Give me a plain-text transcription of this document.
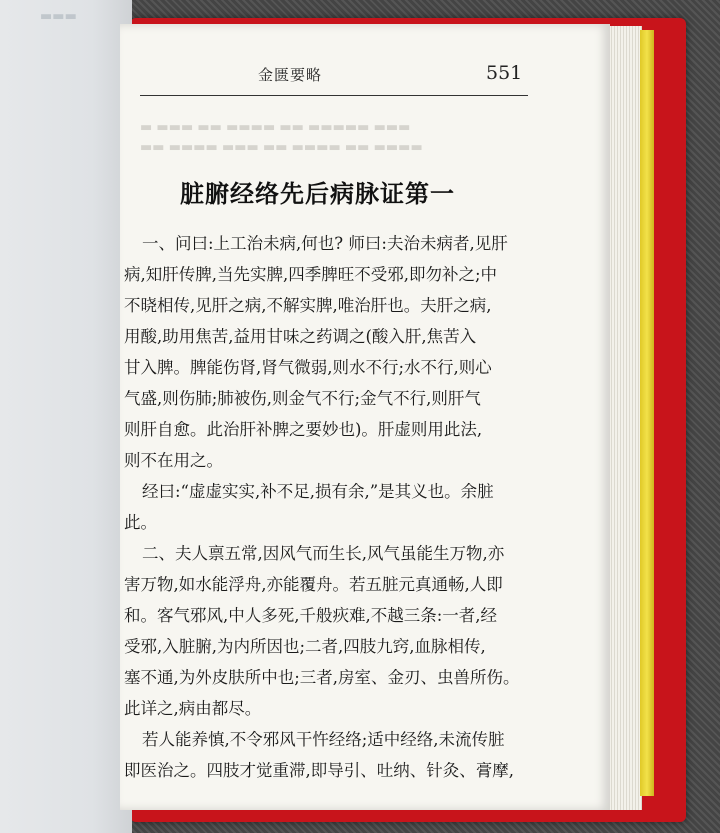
▬▬▬
金匮要略	551
▬ ▬▬▬ ▬▬ ▬▬▬▬ ▬▬ ▬▬▬▬▬ ▬▬▬
▬▬ ▬▬▬▬ ▬▬▬ ▬▬ ▬▬▬▬ ▬▬ ▬▬▬▬
脏腑经络先后病脉证第一
一、问曰:上工治未病,何也? 师曰:夫治未病者,见肝
病,知肝传脾,当先实脾,四季脾旺不受邪,即勿补之;中
不晓相传,见肝之病,不解实脾,唯治肝也。夫肝之病,
用酸,助用焦苦,益用甘味之药调之(酸入肝,焦苦入
甘入脾。脾能伤肾,肾气微弱,则水不行;水不行,则心
气盛,则伤肺;肺被伤,则金气不行;金气不行,则肝气
则肝自愈。此治肝补脾之要妙也)。肝虚则用此法,
则不在用之。
经曰:“虚虚实实,补不足,损有余,”是其义也。余脏
此。
二、夫人禀五常,因风气而生长,风气虽能生万物,亦
害万物,如水能浮舟,亦能覆舟。若五脏元真通畅,人即
和。客气邪风,中人多死,千般疢难,不越三条:一者,经
受邪,入脏腑,为内所因也;二者,四肢九窍,血脉相传,
塞不通,为外皮肤所中也;三者,房室、金刃、虫兽所伤。
此详之,病由都尽。
若人能养慎,不令邪风干忤经络;适中经络,未流传脏
即医治之。四肢才觉重滞,即导引、吐纳、针灸、膏摩,
